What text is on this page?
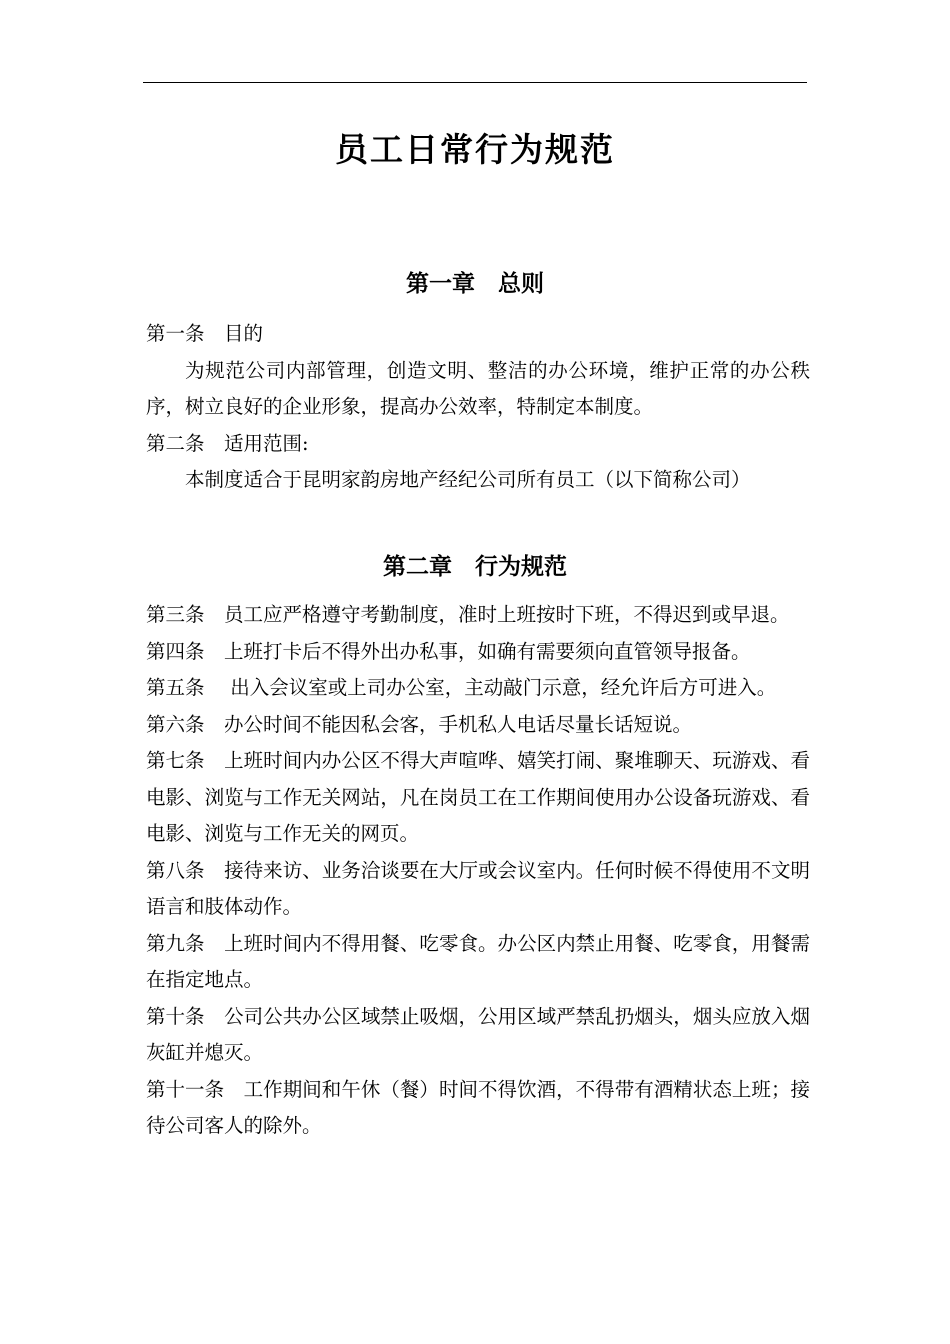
员工日常行为规范
第一章　总则

第一条　目的

为规范公司内部管理，创造文明、整洁的办公环境，维护正常的办公秩序，树立良好的企业形象，提高办公效率，特制定本制度。

第二条　适用范围:

本制度适合于昆明家韵房地产经纪公司所有员工（以下简称公司）

第二章　行为规范

第三条　员工应严格遵守考勤制度，准时上班按时下班，不得迟到或早退。

第四条　上班打卡后不得外出办私事，如确有需要须向直管领导报备。

第五条　 出入会议室或上司办公室，主动敲门示意，经允许后方可进入。

第六条　办公时间不能因私会客，手机私人电话尽量长话短说。

第七条　上班时间内办公区不得大声喧哗、嬉笑打闹、聚堆聊天、玩游戏、看电影、浏览与工作无关网站，凡在岗员工在工作期间使用办公设备玩游戏、看电影、浏览与工作无关的网页。

第八条　接待来访、业务洽谈要在大厅或会议室内。任何时候不得使用不文明语言和肢体动作。

第九条　上班时间内不得用餐、吃零食。办公区内禁止用餐、吃零食，用餐需在指定地点。

第十条　公司公共办公区域禁止吸烟，公用区域严禁乱扔烟头，烟头应放入烟灰缸并熄灭。

第十一条　工作期间和午休（餐）时间不得饮酒，不得带有酒精状态上班；接待公司客人的除外。
